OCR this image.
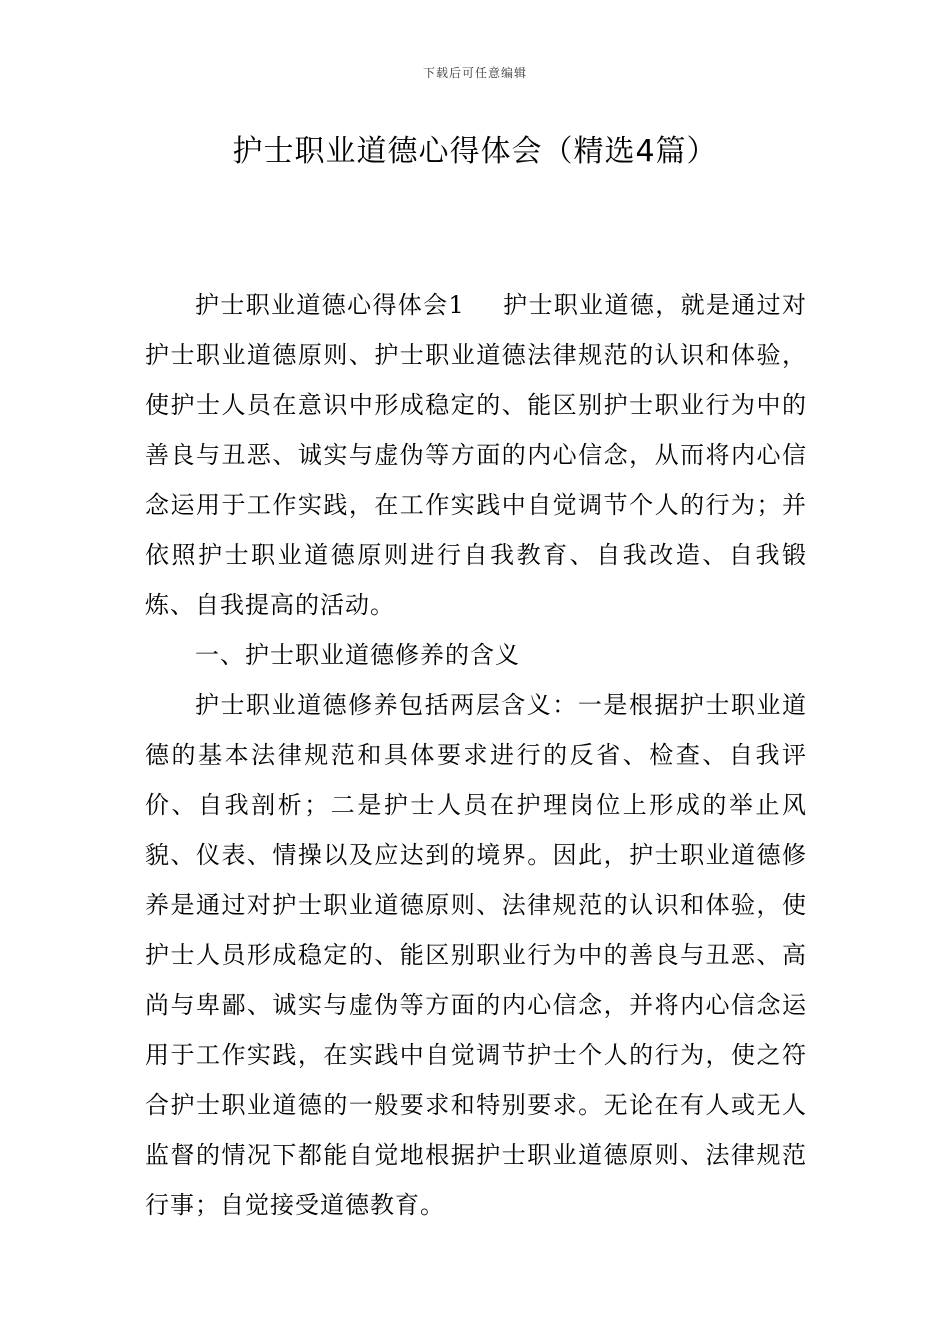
下载后可任意编辑
护士职业道德心得体会（精选4篇）

护士职业道德心得体会1 护士职业道德，就是通过对护士职业道德原则、护士职业道德法律规范的认识和体验，使护士人员在意识中形成稳定的、能区别护士职业行为中的善良与丑恶、诚实与虚伪等方面的内心信念，从而将内心信念运用于工作实践，在工作实践中自觉调节个人的行为；并依照护士职业道德原则进行自我教育、自我改造、自我锻炼、自我提高的活动。

一、护士职业道德修养的含义

护士职业道德修养包括两层含义：一是根据护士职业道德的基本法律规范和具体要求进行的反省、检查、自我评价、自我剖析；二是护士人员在护理岗位上形成的举止风貌、仪表、情操以及应达到的境界。因此，护士职业道德修养是通过对护士职业道德原则、法律规范的认识和体验，使护士人员形成稳定的、能区别职业行为中的善良与丑恶、高尚与卑鄙、诚实与虚伪等方面的内心信念，并将内心信念运用于工作实践，在实践中自觉调节护士个人的行为，使之符合护士职业道德的一般要求和特别要求。无论在有人或无人监督的情况下都能自觉地根据护士职业道德原则、法律规范行事；自觉接受道德教育。
